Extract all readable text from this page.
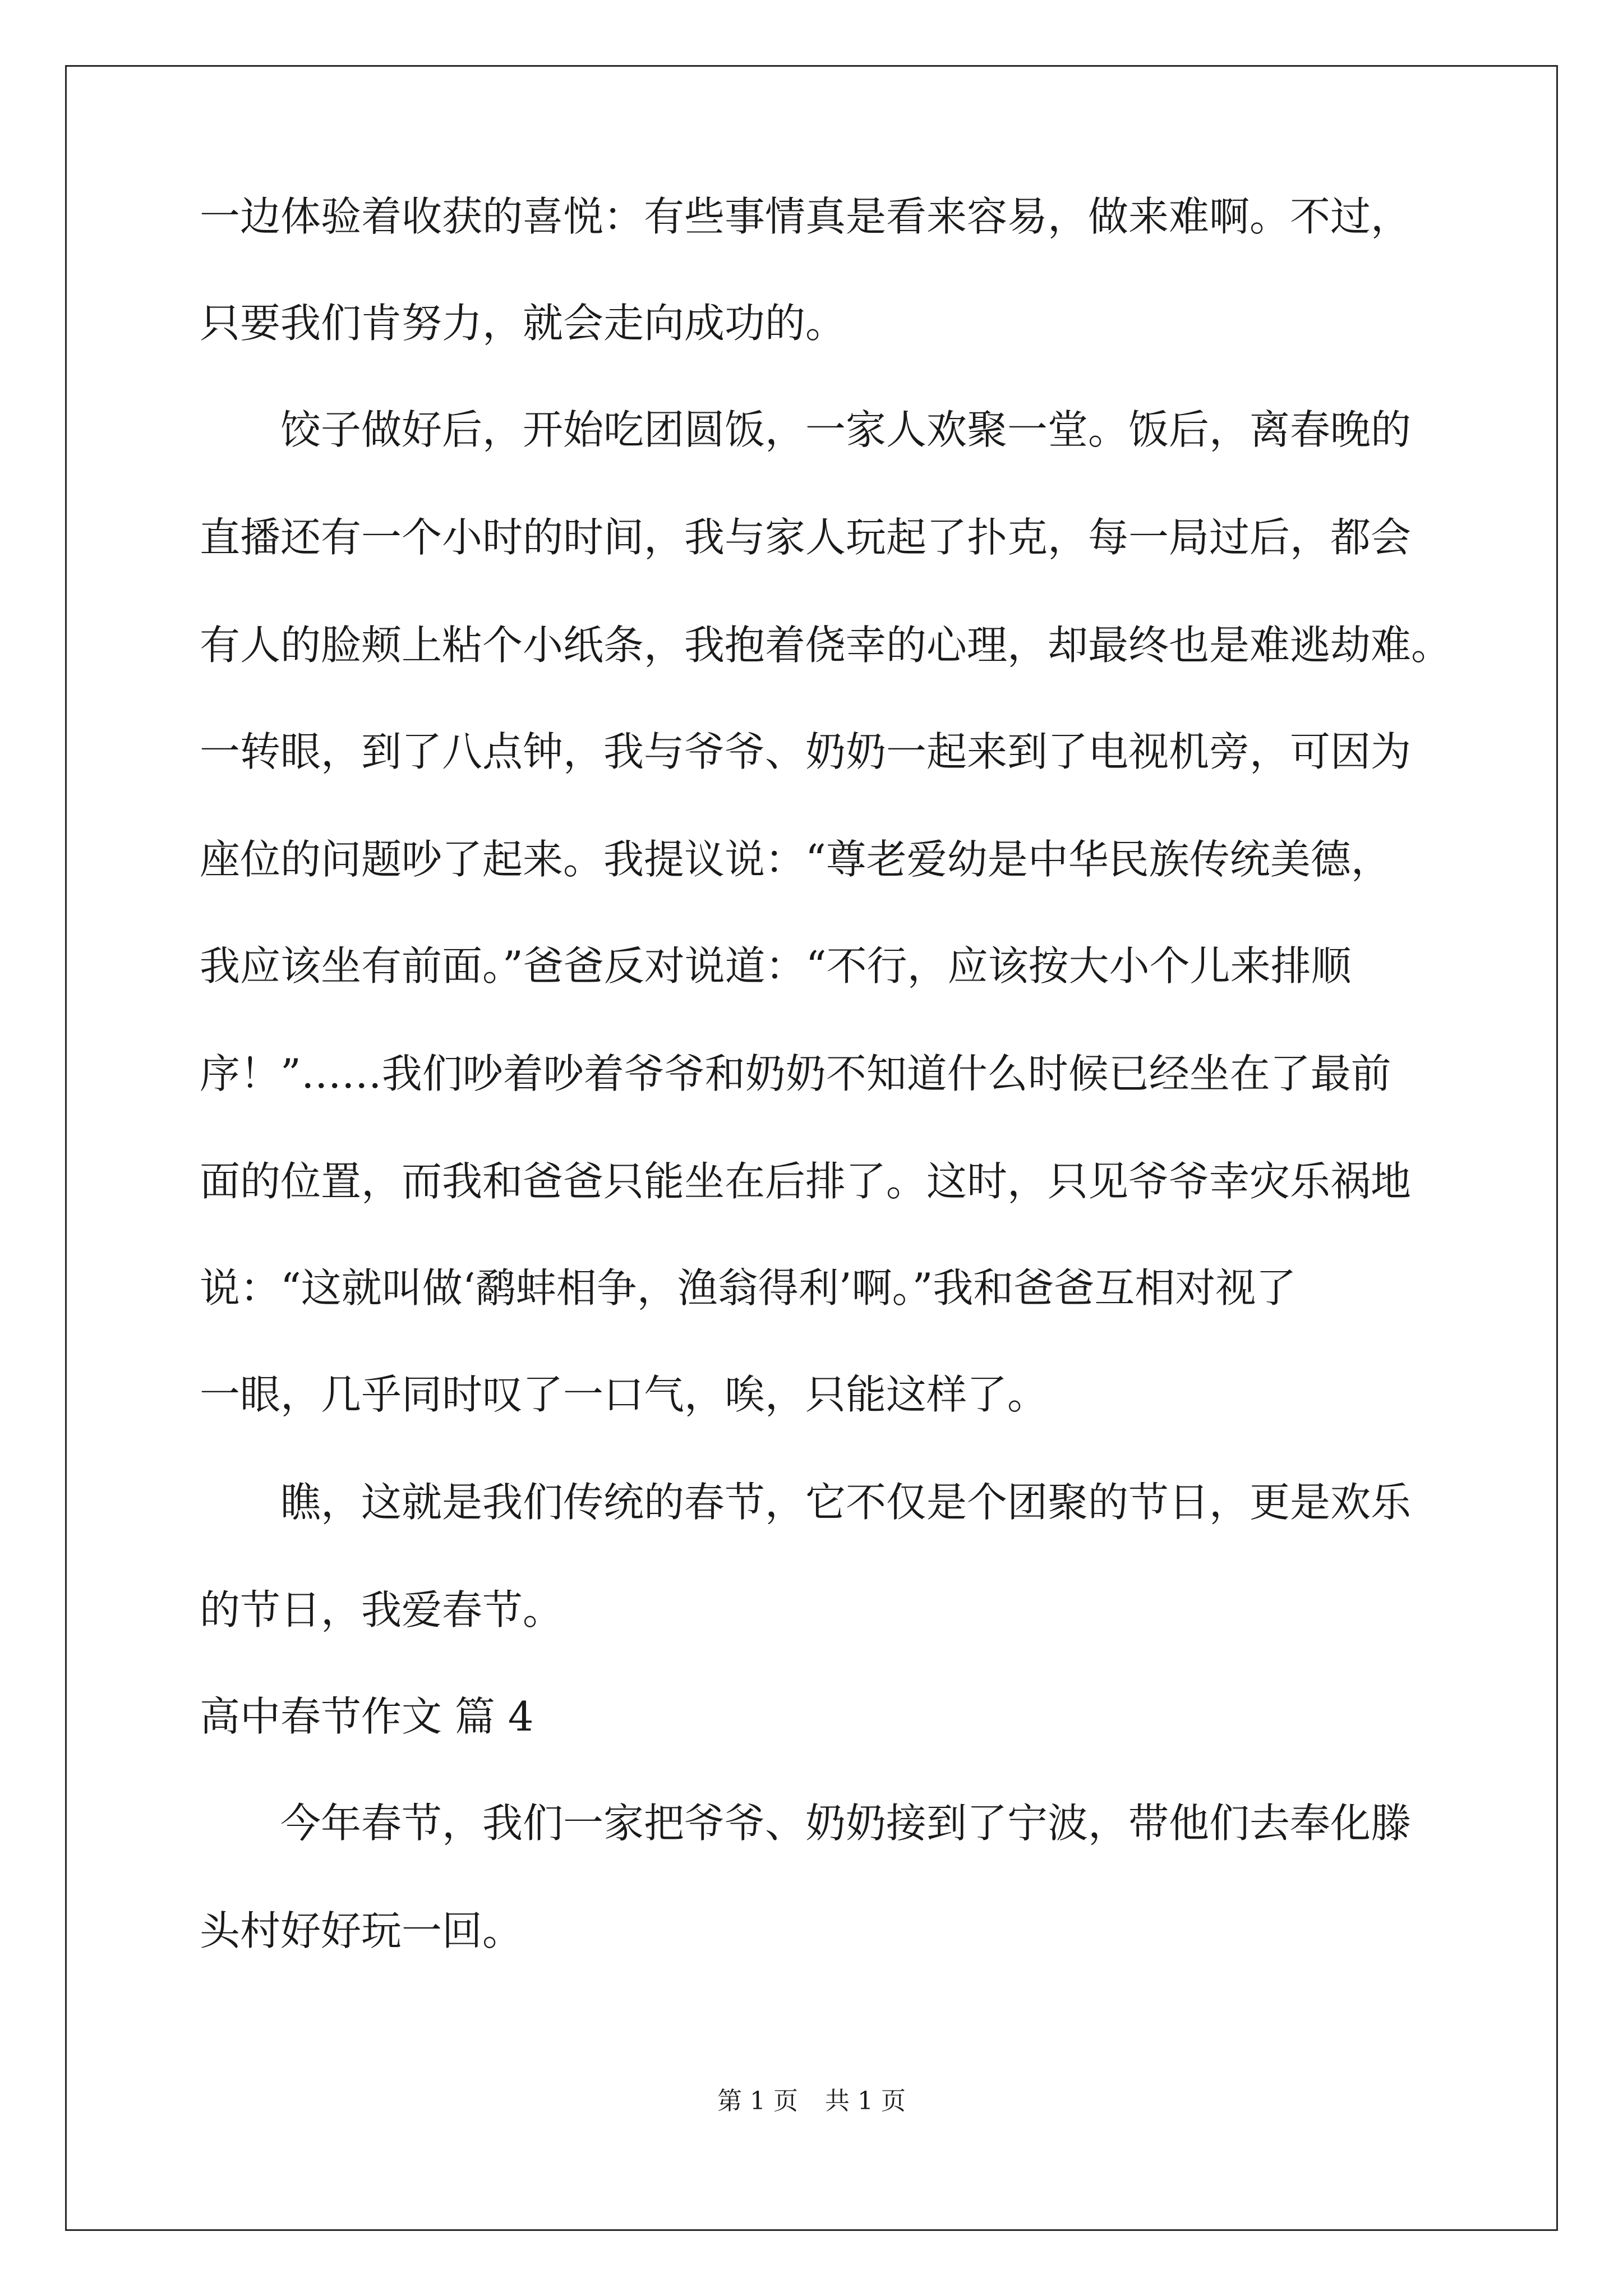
一边体验着收获的喜悦：有些事情真是看来容易，做来难啊。不过，
只要我们肯努力，就会走向成功的。
　　饺子做好后，开始吃团圆饭，一家人欢聚一堂。饭后，离春晚的
直播还有一个小时的时间，我与家人玩起了扑克，每一局过后，都会
有人的脸颊上粘个小纸条，我抱着侥幸的心理，却最终也是难逃劫难。
一转眼，到了八点钟，我与爷爷、奶奶一起来到了电视机旁，可因为
座位的问题吵了起来。我提议说：“尊老爱幼是中华民族传统美德，
我应该坐有前面。”爸爸反对说道：“不行，应该按大小个儿来排顺
序！”……我们吵着吵着爷爷和奶奶不知道什么时候已经坐在了最前
面的位置，而我和爸爸只能坐在后排了。这时，只见爷爷幸灾乐祸地
说：“这就叫做‘鹬蚌相争，渔翁得利’啊。”我和爸爸互相对视了
一眼，几乎同时叹了一口气，唉，只能这样了。
　　瞧，这就是我们传统的春节，它不仅是个团聚的节日，更是欢乐
的节日，我爱春节。
高中春节作文 篇 4
　　今年春节，我们一家把爷爷、奶奶接到了宁波，带他们去奉化滕
头村好好玩一回。
第 1 页 共 1 页
